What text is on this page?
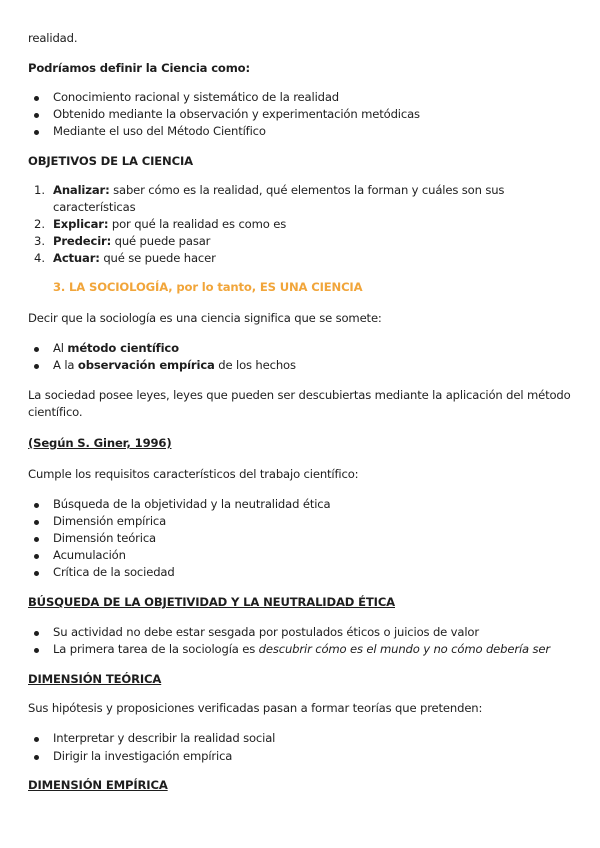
realidad.
Podríamos definir la Ciencia como:
Conocimiento racional y sistemático de la realidad
Obtenido mediante la observación y experimentación metódicas
Mediante el uso del Método Científico
OBJETIVOS DE LA CIENCIA
1. Analizar: saber cómo es la realidad, qué elementos la forman y cuáles son sus
características
2. Explicar: por qué la realidad es como es
3. Predecir: qué puede pasar
4. Actuar: qué se puede hacer
3. LA SOCIOLOGÍA, por lo tanto, ES UNA CIENCIA
Decir que la sociología es una ciencia significa que se somete:
Al método científico
A la observación empírica de los hechos
La sociedad posee leyes, leyes que pueden ser descubiertas mediante la aplicación del método
científico.
(Según S. Giner, 1996)
Cumple los requisitos característicos del trabajo científico:
Búsqueda de la objetividad y la neutralidad ética
Dimensión empírica
Dimensión teórica
Acumulación
Crítica de la sociedad
BÚSQUEDA DE LA OBJETIVIDAD Y LA NEUTRALIDAD ÉTICA
Su actividad no debe estar sesgada por postulados éticos o juicios de valor
La primera tarea de la sociología es descubrir cómo es el mundo y no cómo debería ser
DIMENSIÓN TEÓRICA
Sus hipótesis y proposiciones verificadas pasan a formar teorías que pretenden:
Interpretar y describir la realidad social
Dirigir la investigación empírica
DIMENSIÓN EMPÍRICA
